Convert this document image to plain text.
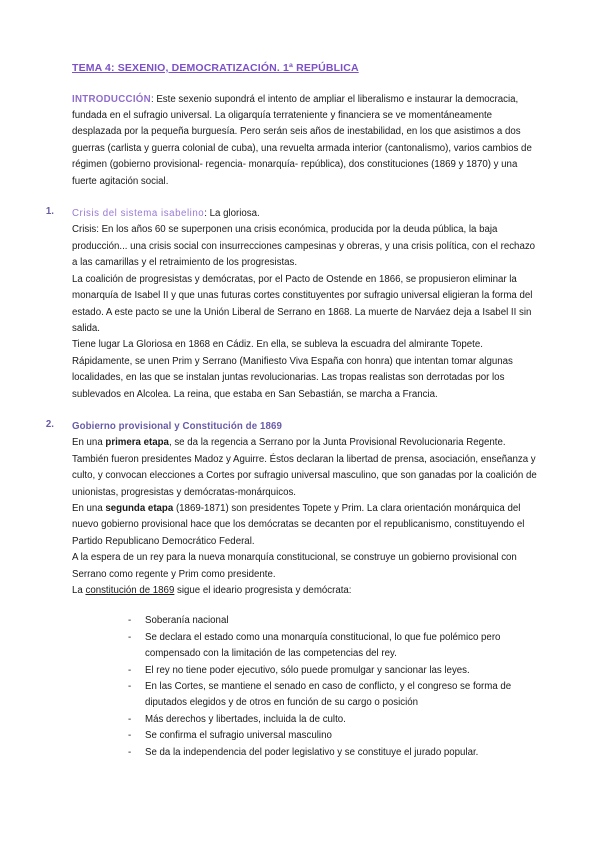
TEMA 4: SEXENIO, DEMOCRATIZACIÓN. 1ª REPÚBLICA

INTRODUCCIÓN: Este sexenio supondrá el intento de ampliar el liberalismo e instaurar la democracia, fundada en el sufragio universal. La oligarquía terrateniente y financiera se ve momentáneamente desplazada por la pequeña burguesía. Pero serán seis años de inestabilidad, en los que asistimos a dos guerras (carlista y guerra colonial de cuba), una revuelta armada interior (cantonalismo), varios cambios de régimen (gobierno provisional- regencia- monarquía- república), dos constituciones (1869 y 1870) y una fuerte agitación social.

1. Crisis del sistema isabelino: La gloriosa.

Crisis: En los años 60 se superponen una crisis económica, producida por la deuda pública, la baja producción... una crisis social con insurrecciones campesinas y obreras, y una crisis política, con el rechazo a las camarillas y el retraimiento de los progresistas.

La coalición de progresistas y demócratas, por el Pacto de Ostende en 1866, se propusieron eliminar la monarquía de Isabel II y que unas futuras cortes constituyentes por sufragio universal eligieran la forma del estado. A este pacto se une la Unión Liberal de Serrano en 1868. La muerte de Narváez deja a Isabel II sin salida.

Tiene lugar La Gloriosa en 1868 en Cádiz. En ella, se subleva la escuadra del almirante Topete. Rápidamente, se unen Prim y Serrano (Manifiesto Viva España con honra) que intentan tomar algunas localidades, en las que se instalan juntas revolucionarias. Las tropas realistas son derrotadas por los sublevados en Alcolea. La reina, que estaba en San Sebastián, se marcha a Francia.

2. Gobierno provisional y Constitución de 1869

En una primera etapa, se da la regencia a Serrano por la Junta Provisional Revolucionaria Regente. También fueron presidentes Madoz y Aguirre. Éstos declaran la libertad de prensa, asociación, enseñanza y culto, y convocan elecciones a Cortes por sufragio universal masculino, que son ganadas por la coalición de unionistas, progresistas y demócratas-monárquicos.

En una segunda etapa (1869-1871) son presidentes Topete y Prim. La clara orientación monárquica del nuevo gobierno provisional hace que los demócratas se decanten por el republicanismo, constituyendo el Partido Republicano Democrático Federal.

A la espera de un rey para la nueva monarquía constitucional, se construye un gobierno provisional con Serrano como regente y Prim como presidente.

La constitución de 1869 sigue el ideario progresista y demócrata:

- Soberanía nacional
- Se declara el estado como una monarquía constitucional, lo que fue polémico pero compensado con la limitación de las competencias del rey.
- El rey no tiene poder ejecutivo, sólo puede promulgar y sancionar las leyes.
- En las Cortes, se mantiene el senado en caso de conflicto, y el congreso se forma de diputados elegidos y de otros en función de su cargo o posición
- Más derechos y libertades, incluida la de culto.
- Se confirma el sufragio universal masculino
- Se da la independencia del poder legislativo y se constituye el jurado popular.
